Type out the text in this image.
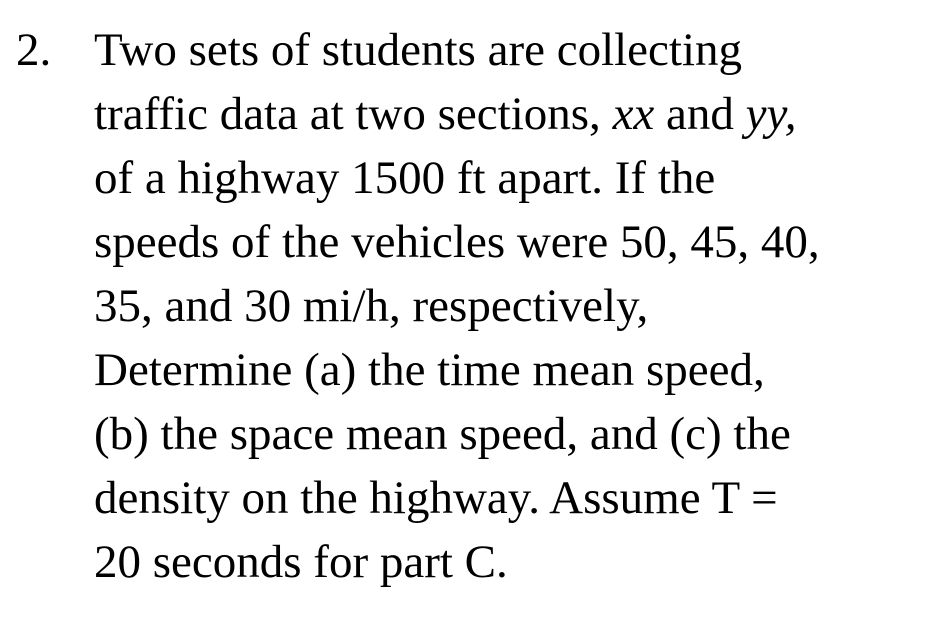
2. Two sets of students are collecting
traffic data at two sections, xx and yy,
of a highway 1500 ft apart. If the
speeds of the vehicles were 50, 45, 40,
35, and 30 mi/h, respectively,
Determine (a) the time mean speed,
(b) the space mean speed, and (c) the
density on the highway. Assume T =
20 seconds for part C.
